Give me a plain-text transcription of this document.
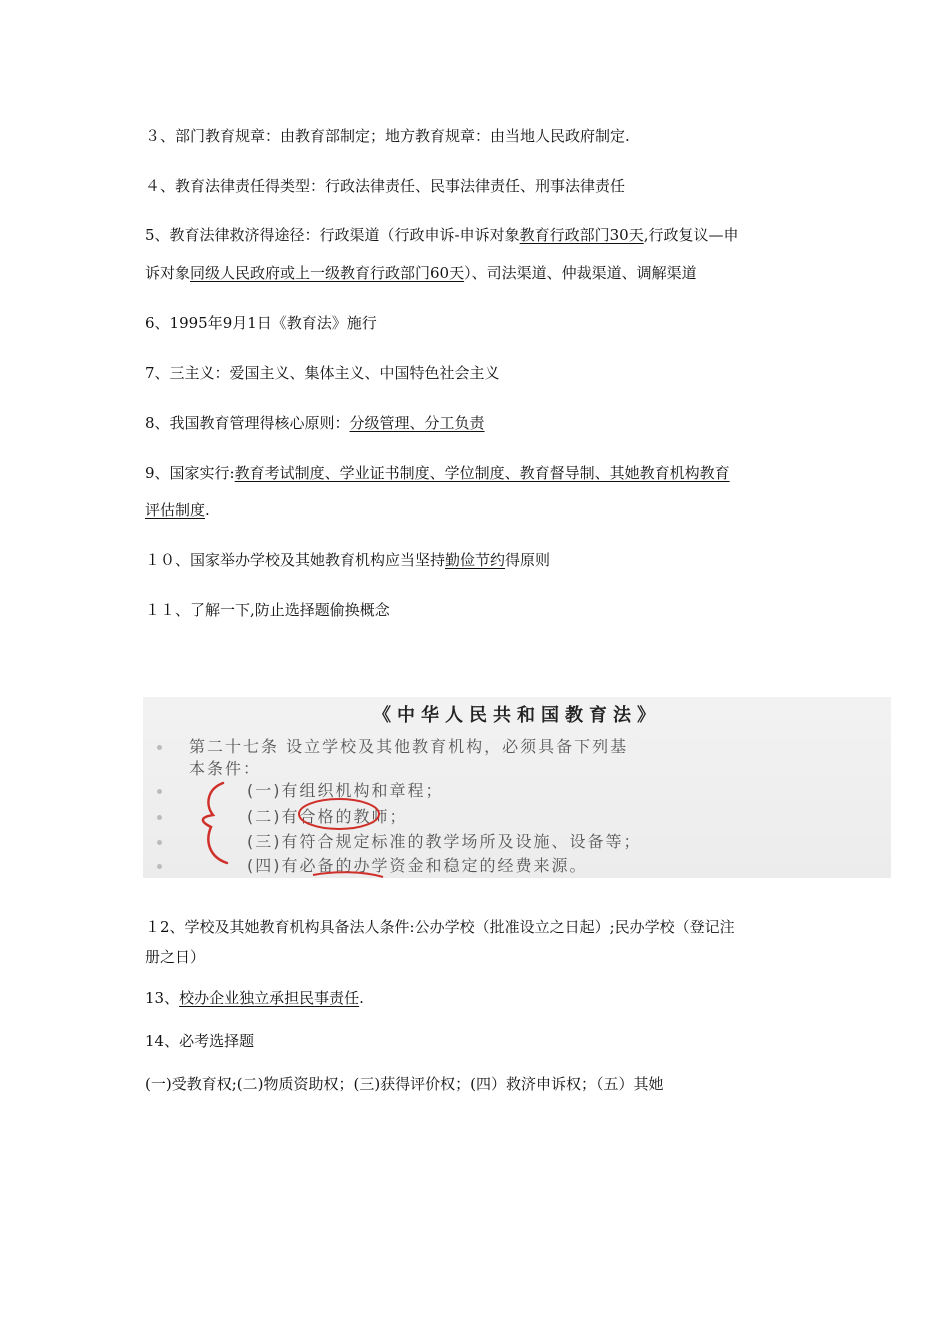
３、部门教育规章：由教育部制定；地方教育规章：由当地人民政府制定.
４、教育法律责任得类型：行政法律责任、民事法律责任、刑事法律责任
5、教育法律救济得途径：行政渠道（行政申诉-申诉对象教育行政部门30天,行政复议—申
诉对象同级人民政府或上一级教育行政部门60天）、司法渠道、仲裁渠道、调解渠道
6、1995年9月1日《教育法》施行
7、三主义：爱国主义、集体主义、中国特色社会主义
8、我国教育管理得核心原则：分级管理、分工负责
9、国家实行:教育考试制度、学业证书制度、学位制度、教育督导制、其她教育机构教育
评估制度.
１０、国家举办学校及其她教育机构应当坚持勤俭节约得原则
１１、了解一下,防止选择题偷换概念
《中华人民共和国教育法》
第二十七条 设立学校及其他教育机构，必须具备下列基
本条件：
(一)有组织机构和章程；
(二)有合格的教师；
(三)有符合规定标准的教学场所及设施、设备等；
(四)有必备的办学资金和稳定的经费来源。
１2、学校及其她教育机构具备法人条件:公办学校（批准设立之日起）;民办学校（登记注
册之日）
13、校办企业独立承担民事责任.
14、必考选择题
(一)受教育权;(二)物质资助权；(三)获得评价权；(四）救济申诉权；（五）其她
